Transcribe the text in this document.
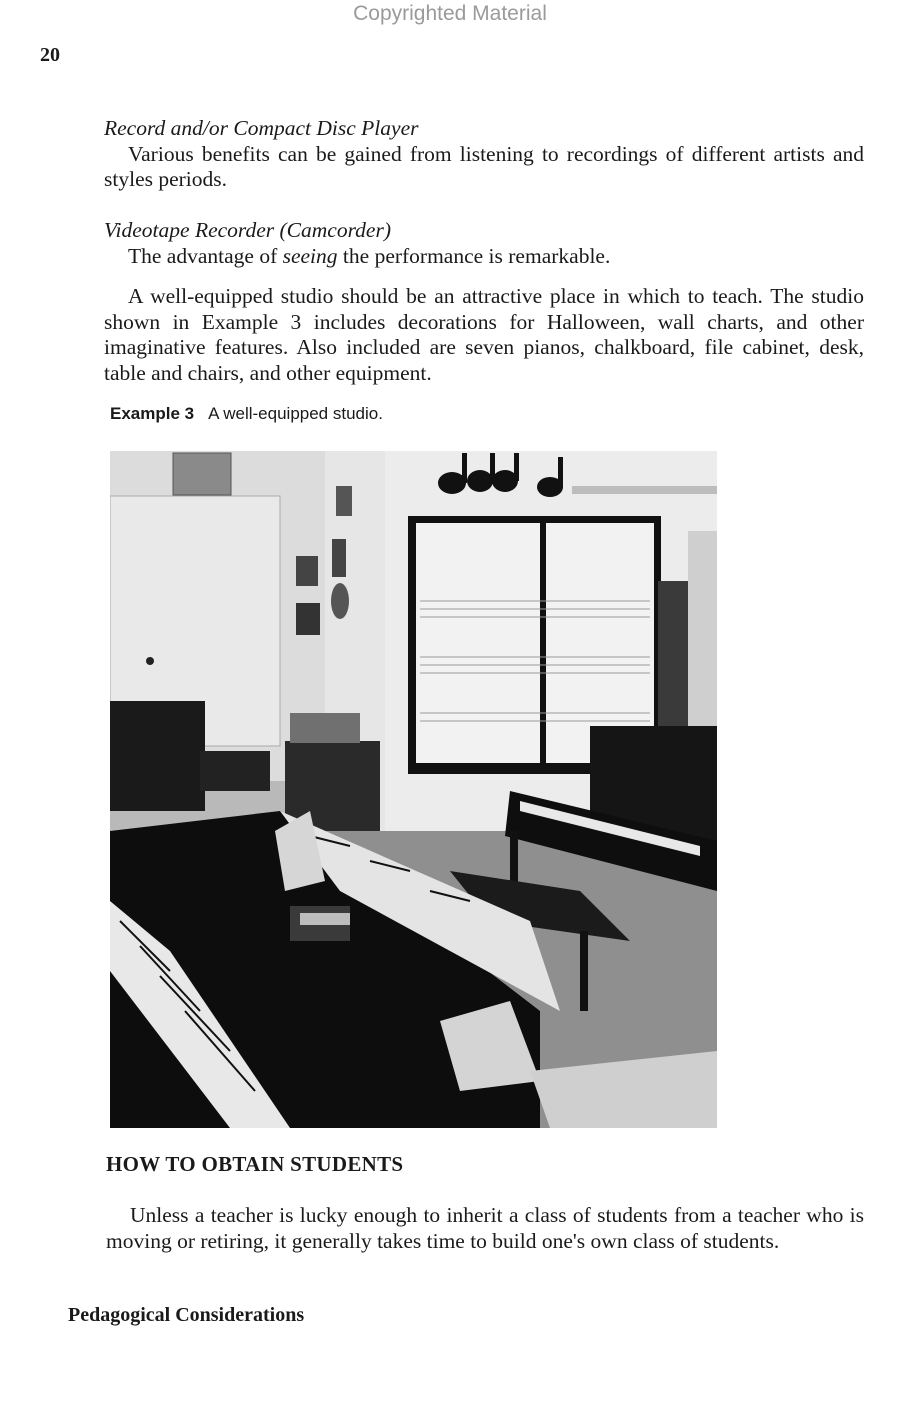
Copyrighted Material
20
Record and/or Compact Disc Player
Various benefits can be gained from listening to recordings of different artists and styles periods.
Videotape Recorder (Camcorder)
The advantage of seeing the performance is remarkable.
A well-equipped studio should be an attractive place in which to teach. The studio shown in Example 3 includes decorations for Halloween, wall charts, and other imaginative features. Also included are seven pianos, chalkboard, file cabinet, desk, table and chairs, and other equipment.
Example 3 A well-equipped studio.
HOW TO OBTAIN STUDENTS
Unless a teacher is lucky enough to inherit a class of students from a teacher who is moving or retiring, it generally takes time to build one's own class of students.
Pedagogical Considerations
